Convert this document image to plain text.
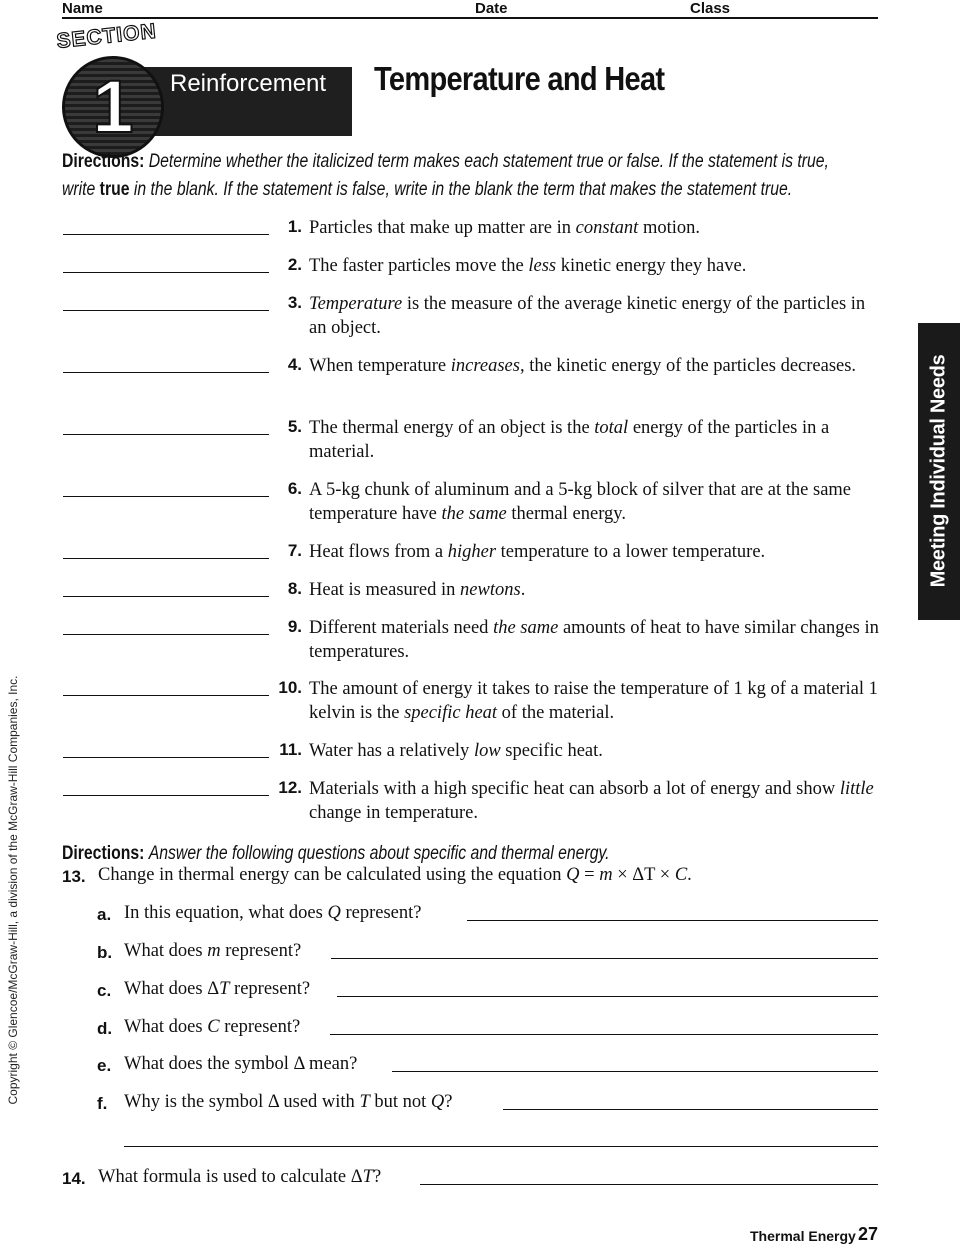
Name	Date	Class
Reinforcement
1
SECTION
Temperature and Heat
Directions: Determine whether the italicized term makes each statement true or false. If the statement is true,
write true in the blank. If the statement is false, write in the blank the term that makes the statement true.
1. Particles that make up matter are in constant motion.
2. The faster particles move the less kinetic energy they have.
3. Temperature is the measure of the average kinetic energy of the particles in an object.
4. When temperature increases, the kinetic energy of the particles decreases.
5. The thermal energy of an object is the total energy of the particles in a material.
6. A 5-kg chunk of aluminum and a 5-kg block of silver that are at the same temperature have the same thermal energy.
7. Heat flows from a higher temperature to a lower temperature.
8. Heat is measured in newtons.
9. Different materials need the same amounts of heat to have similar changes in temperatures.
10. The amount of energy it takes to raise the temperature of 1 kg of a material 1 kelvin is the specific heat of the material.
11. Water has a relatively low specific heat.
12. Materials with a high specific heat can absorb a lot of energy and show little change in temperature.
Directions: Answer the following questions about specific and thermal energy.
13. Change in thermal energy can be calculated using the equation Q = m × ΔT × C.
a. In this equation, what does Q represent?
b. What does m represent?
c. What does ΔT represent?
d. What does C represent?
e. What does the symbol Δ mean?
f. Why is the symbol Δ used with T but not Q?
14. What formula is used to calculate ΔT?
Meeting Individual Needs
Copyright © Glencoe/McGraw-Hill, a division of the McGraw-Hill Companies, Inc.
Thermal Energy 27
